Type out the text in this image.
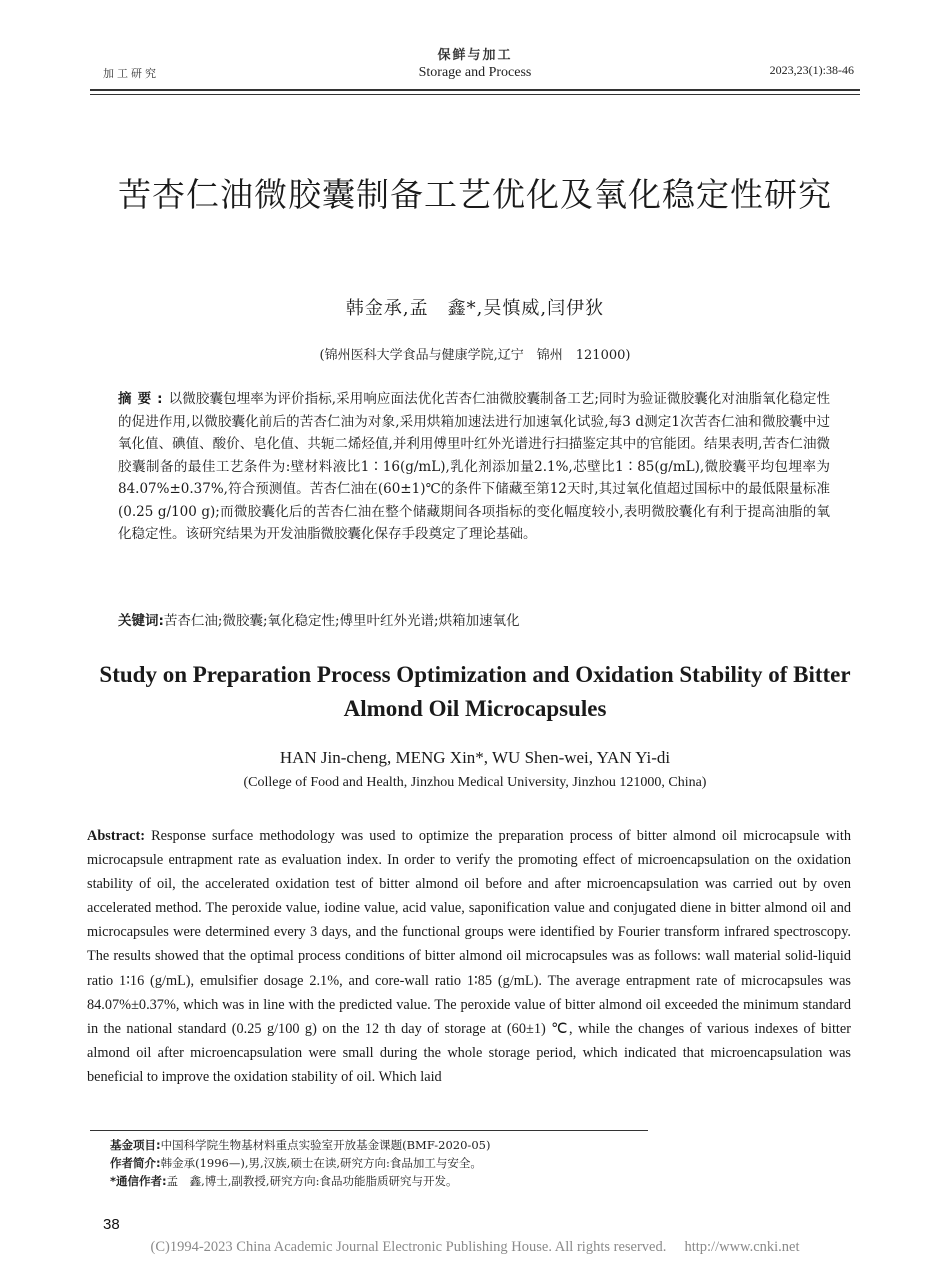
加工研究
保鲜与加工
Storage and Process	2023,23(1):38-46
苦杏仁油微胶囊制备工艺优化及氧化稳定性研究
韩金承,孟　鑫*,吴慎威,闫伊狄
(锦州医科大学食品与健康学院,辽宁　锦州　121000)
摘要:以微胶囊包埋率为评价指标,采用响应面法优化苦杏仁油微胶囊制备工艺;同时为验证微胶囊化对油脂氧化稳定性的促进作用,以微胶囊化前后的苦杏仁油为对象,采用烘箱加速法进行加速氧化试验,每3 d测定1次苦杏仁油和微胶囊中过氧化值、碘值、酸价、皂化值、共轭二烯烃值,并利用傅里叶红外光谱进行扫描鉴定其中的官能团。结果表明,苦杏仁油微胶囊制备的最佳工艺条件为:壁材料液比1∶16(g/mL),乳化剂添加量2.1%,芯壁比1∶85(g/mL),微胶囊平均包埋率为84.07%±0.37%,符合预测值。苦杏仁油在(60±1)℃的条件下储藏至第12天时,其过氧化值超过国标中的最低限量标准(0.25 g/100 g);而微胶囊化后的苦杏仁油在整个储藏期间各项指标的变化幅度较小,表明微胶囊化有利于提高油脂的氧化稳定性。该研究结果为开发油脂微胶囊化保存手段奠定了理论基础。
关键词:苦杏仁油;微胶囊;氧化稳定性;傅里叶红外光谱;烘箱加速氧化
Study on Preparation Process Optimization and Oxidation Stability of Bitter Almond Oil Microcapsules
HAN Jin-cheng, MENG Xin*, WU Shen-wei, YAN Yi-di
(College of Food and Health, Jinzhou Medical University, Jinzhou 121000, China)
Abstract: Response surface methodology was used to optimize the preparation process of bitter almond oil microcapsule with microcapsule entrapment rate as evaluation index. In order to verify the promoting effect of microencapsulation on the oxidation stability of oil, the accelerated oxidation test of bitter almond oil before and after microencapsulation was carried out by oven accelerated method. The peroxide value, iodine value, acid value, saponification value and conjugated diene in bitter almond oil and microcapsules were determined every 3 days, and the functional groups were identified by Fourier transform infrared spectroscopy. The results showed that the optimal process conditions of bitter almond oil microcapsules was as follows: wall material solid-liquid ratio 1∶16 (g/mL), emulsifier dosage 2.1%, and core-wall ratio 1∶85 (g/mL). The average entrapment rate of microcapsules was 84.07%±0.37%, which was in line with the predicted value. The peroxide value of bitter almond oil exceeded the minimum standard in the national standard (0.25 g/100 g) on the 12 th day of storage at (60±1) ℃, while the changes of various indexes of bitter almond oil after microencapsulation were small during the whole storage period, which indicated that microencapsulation was beneficial to improve the oxidation stability of oil. Which laid
基金项目:中国科学院生物基材料重点实验室开放基金课题(BMF-2020-05)
作者简介:韩金承(1996—),男,汉族,硕士在读,研究方向:食品加工与安全。
*通信作者:孟　鑫,博士,副教授,研究方向:食品功能脂质研究与开发。
38
(C)1994-2023 China Academic Journal Electronic Publishing House. All rights reserved.　 http://www.cnki.net
